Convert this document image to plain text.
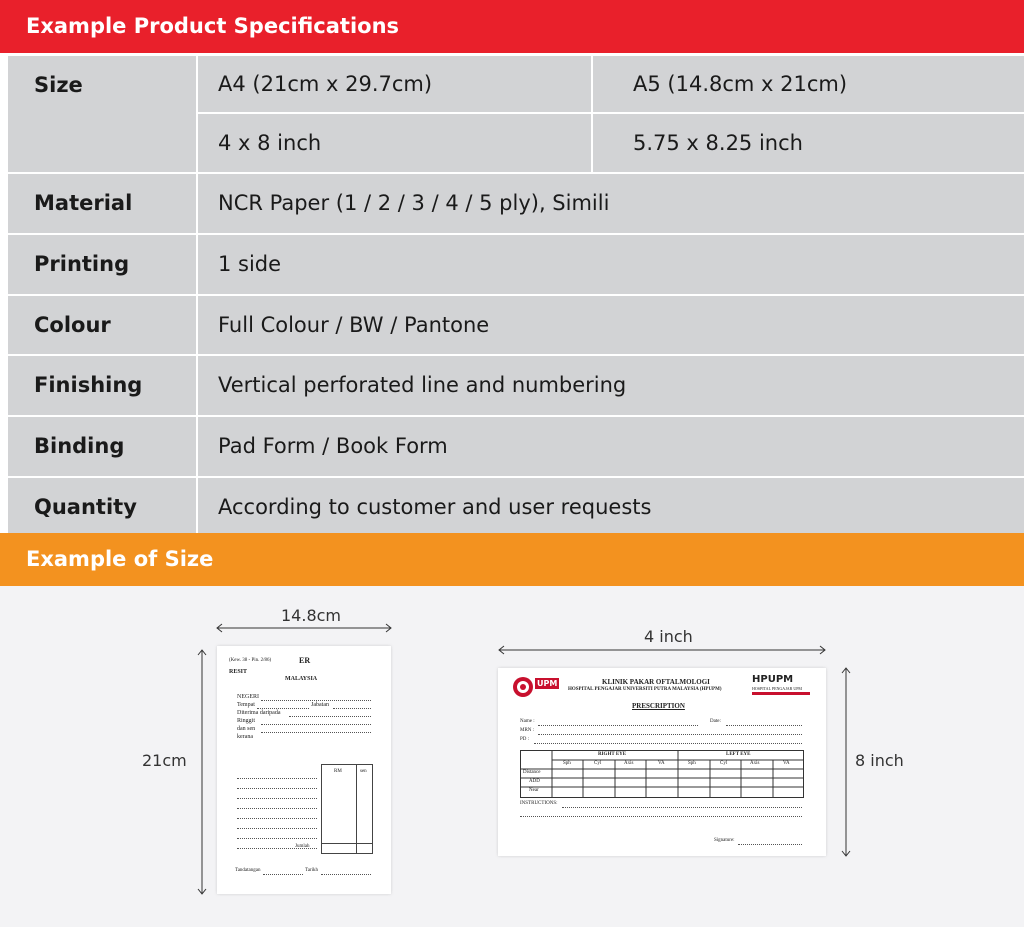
Example Product Specifications
Size	A4 (21cm x 29.7cm)	A5 (14.8cm x 21cm)
4 x 8 inch	5.75 x 8.25 inch
Material	NCR Paper (1 / 2 / 3 / 4 / 5 ply), Simili
Printing	1 side
Colour	Full Colour / BW / Pantone
Finishing	Vertical perforated line and numbering
Binding	Pad Form / Book Form
Quantity	According to customer and user requests
Example of Size
14.8cm
21cm
(Kew. 38 - Pin. 2/86)	ER
RESIT
MALAYSIA
NEGERI
Tempat	Jabatan
Diterima daripada
Ringgit
dan sen
kerana
RM	sen
Jumlah
Tandatangan	Tarikh
4 inch
8 inch
UPM	KLINIK PAKAR OFTALMOLOGI
HOSPITAL PENGAJAR UNIVERSITI PUTRA MALAYSIA (HPUPM)
HPUPM
HOSPITAL PENGAJAR UPM
PRESCRIPTION
Name :	Date:
MRN :
PD :
RIGHT EYE	LEFT EYE
Sph	Cyl	Axis	VA	Sph	Cyl	Axis	VA
Distance
ADD
Near
INSTRUCTIONS:
Signature:
